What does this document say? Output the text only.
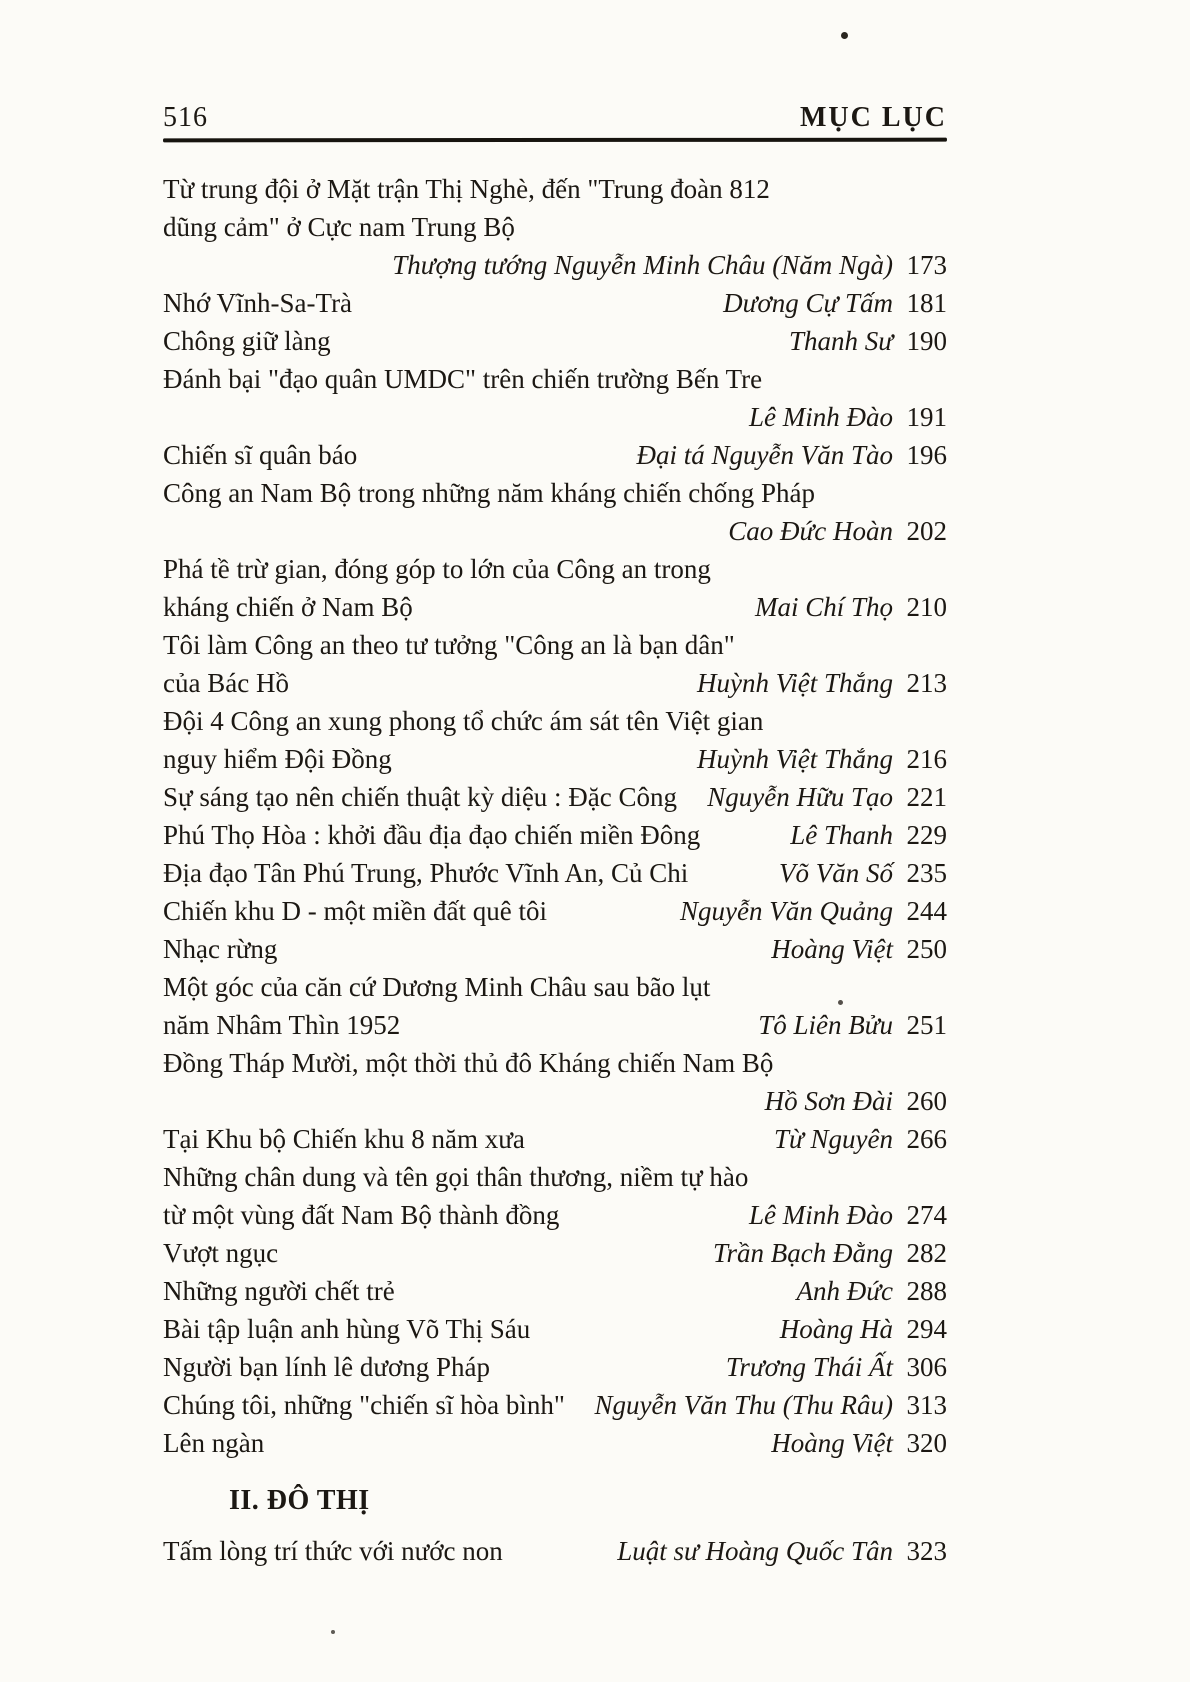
516	MỤC LỤC
Từ trung đội ở Mặt trận Thị Nghè, đến "Trung đoàn 812
dũng cảm" ở Cực nam Trung Bộ
Thượng tướng Nguyễn Minh Châu (Năm Ngà) 173
Nhớ Vĩnh-Sa-Trà	Dương Cự Tấm 181
Chông giữ làng	Thanh Sư 190
Đánh bại "đạo quân UMDC" trên chiến trường Bến Tre
Lê Minh Đào 191
Chiến sĩ quân báo	Đại tá Nguyễn Văn Tào 196
Công an Nam Bộ trong những năm kháng chiến chống Pháp
Cao Đức Hoàn 202
Phá tề trừ gian, đóng góp to lớn của Công an trong
kháng chiến ở Nam Bộ	Mai Chí Thọ 210
Tôi làm Công an theo tư tưởng "Công an là bạn dân"
của Bác Hồ	Huỳnh Việt Thắng 213
Đội 4 Công an xung phong tổ chức ám sát tên Việt gian
nguy hiểm Đội Đồng	Huỳnh Việt Thắng 216
Sự sáng tạo nên chiến thuật kỳ diệu : Đặc Công	Nguyễn Hữu Tạo 221
Phú Thọ Hòa : khởi đầu địa đạo chiến miền Đông	Lê Thanh 229
Địa đạo Tân Phú Trung, Phước Vĩnh An, Củ Chi	Võ Văn Số 235
Chiến khu D - một miền đất quê tôi	Nguyễn Văn Quảng 244
Nhạc rừng	Hoàng Việt 250
Một góc của căn cứ Dương Minh Châu sau bão lụt
năm Nhâm Thìn 1952	Tô Liên Bửu 251
Đồng Tháp Mười, một thời thủ đô Kháng chiến Nam Bộ
Hồ Sơn Đài 260
Tại Khu bộ Chiến khu 8 năm xưa	Từ Nguyên 266
Những chân dung và tên gọi thân thương, niềm tự hào
từ một vùng đất Nam Bộ thành đồng	Lê Minh Đào 274
Vượt ngục	Trần Bạch Đằng 282
Những người chết trẻ	Anh Đức 288
Bài tập luận anh hùng Võ Thị Sáu	Hoàng Hà 294
Người bạn lính lê dương Pháp	Trương Thái Ất 306
Chúng tôi, những "chiến sĩ hòa bình"	Nguyễn Văn Thu (Thu Râu) 313
Lên ngàn	Hoàng Việt 320
II. ĐÔ THỊ
Tấm lòng trí thức với nước non	Luật sư Hoàng Quốc Tân 323
